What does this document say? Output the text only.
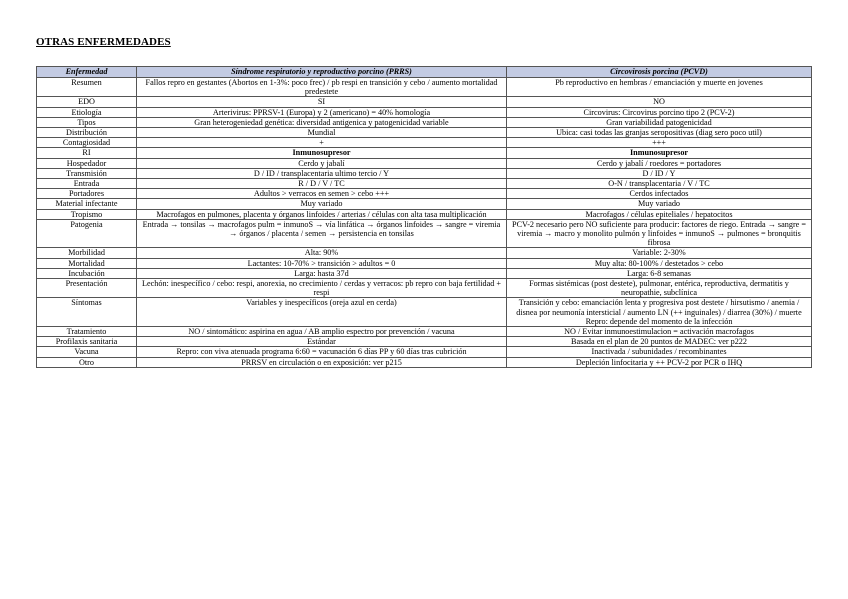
OTRAS ENFERMEDADES
Enfermedad	Síndrome respiratorio y reproductivo porcino (PRRS)	Circovirosis porcina (PCVD)
Resumen	Fallos repro en gestantes (Abortos en 1-3%: poco frec) / pb respi en transición y cebo / aumento mortalidad predestete	Pb reproductivo en hembras / emanciación y muerte en jovenes
EDO	SI	NO
Etiología	Arterivirus: PPRSV-1 (Europa) y 2 (americano) = 40% homología	Circovirus: Circovirus porcino tipo 2 (PCV-2)
Tipos	Gran heterogeniedad genética: diversidad antigenica y patogenicidad variable	Gran variabilidad patogenicidad
Distribución	Mundial	Ubica: casi todas las granjas seropositivas (diag sero poco util)
Contagiosidad	+	+++
RI	Inmunosupresor	Inmunosupresor
Hospedador	Cerdo y jabalí	Cerdo y jabalí / roedores = portadores
Transmisión	D / ID / transplacentaria ultimo tercio / Y	D / ID / Y
Entrada	R / D / V / TC	O-N / transplacentaria / V / TC
Portadores	Adultos > verracos en semen > cebo +++	Cerdos infectados
Material infectante	Muy variado	Muy variado
Tropismo	Macrofagos en pulmones, placenta y órganos linfoides / arterias / células con alta tasa multiplicación	Macrofagos / células epiteliales / hepatocitos
Patogenia	Entrada → tonsilas → macrofagos pulm = inmunoS → vía linfática → órganos linfoides → sangre = viremia → órganos / placenta / semen → persistencia en tonsilas	PCV-2 necesario pero NO suficiente para producir: factores de riego. Entrada → sangre = viremia → macro y monolito pulmón y linfoides = inmunoS → pulmones = bronquitis fibrosa
Morbilidad	Alta: 90%	Variable: 2-30%
Mortalidad	Lactantes: 10-70% > transición > adultos = 0	Muy alta: 80-100% / destetados > cebo
Incubación	Larga: hasta 37d	Larga: 6-8 semanas
Presentación	Lechón: inespecífico / cebo: respi, anorexia, no crecimiento / cerdas y verracos: pb repro con baja fertilidad + respi	Formas sistémicas (post destete), pulmonar, entérica, reproductiva, dermatitis y neuropathie, subclínica
Síntomas	Variables y inespecíficos (oreja azul en cerda)	Transición y cebo: emanciación lenta y progresiva post destete / hirsutismo / anemia / disnea por neumonía intersticial / aumento LN (++ inguinales) / diarrea (30%) / muerte
Repro: depende del momento de la infección
Tratamiento	NO / sintomático: aspirina en agua / AB amplio espectro por prevención / vacuna	NO / Evitar inmunoestimulacion = activación macrofagos
Profilaxis sanitaria	Estándar	Basada en el plan de 20 puntos de MADEC: ver p222
Vacuna	Repro: con viva atenuada programa 6:60 = vacunación 6 días PP y 60 días tras cubrición	Inactivada / subunidades / recombinantes
Otro	PRRSV en circulación o en exposición: ver p215	Depleción linfocitaria y ++ PCV-2 por PCR o IHQ
